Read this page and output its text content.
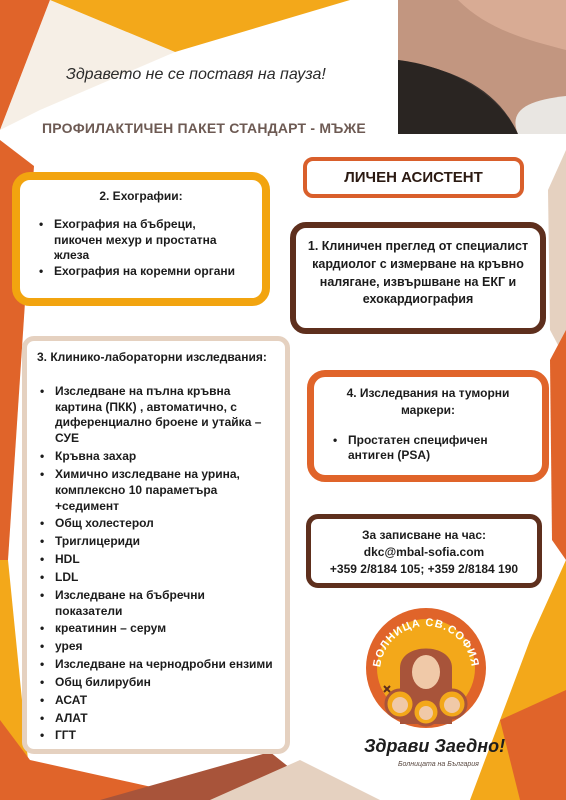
Здравето не се поставя на пауза!
ПРОФИЛАКТИЧЕН ПАКЕТ СТАНДАРТ - МЪЖЕ
2. Ехографии:
• Ехография на бъбреци, пикочен мехур и простатна жлеза
• Ехография на коремни органи
ЛИЧЕН АСИСТЕНТ
1. Клиничен преглед от специалист кардиолог с измерване на кръвно налягане, извършване на ЕКГ и ехокардиография
3. Клинико-лабораторни изследвания:
• Изследване на пълна кръвна картина (ПКК) , автоматично, с диференциално броене и утайка – СУЕ
• Кръвна захар
• Химично изследване на урина, комплексно 10 параметъра +седимент
• Общ холестерол
• Триглицериди
• HDL
• LDL
• Изследване на бъбречни показатели
• креатинин – серум
• урея
• Изследване на чернодробни ензими
• Общ билирубин
• АСАТ
• АЛАТ
• ГГТ
4. Изследвания на туморни маркери:
• Простатен специфичен антиген (PSA)
За записване на час:
dkc@mbal-sofia.com
+359 2/8184 105; +359 2/8184 190
БОЛНИЦА СВ.СОФИЯ
Здрави Заедно!
Болницата на България
